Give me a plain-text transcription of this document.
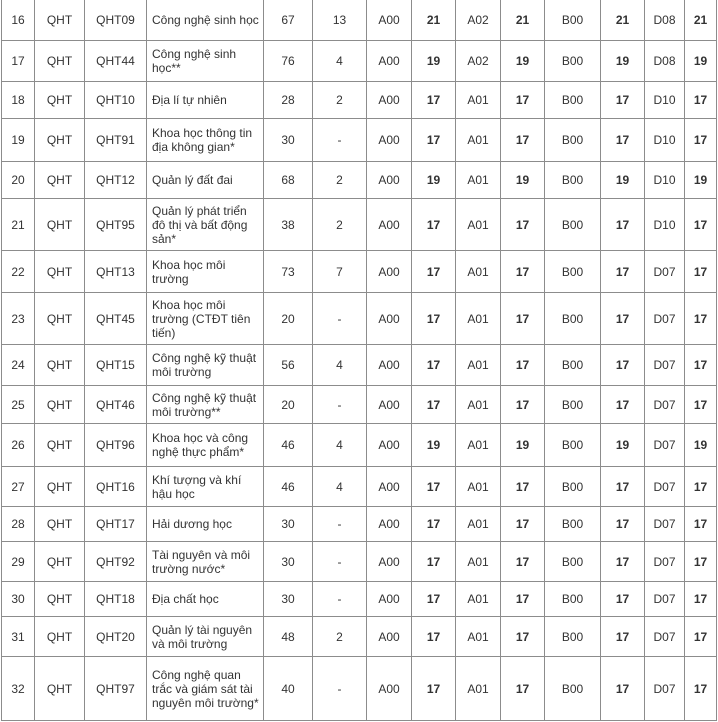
16	QHT	QHT09	Công nghệ sinh học	67	13	A00	21	A02	21	B00	21	D08	21
17	QHT	QHT44	Công nghệ sinh học**	76	4	A00	19	A02	19	B00	19	D08	19
18	QHT	QHT10	Địa lí tự nhiên	28	2	A00	17	A01	17	B00	17	D10	17
19	QHT	QHT91	Khoa học thông tin địa không gian*	30	-	A00	17	A01	17	B00	17	D10	17
20	QHT	QHT12	Quản lý đất đai	68	2	A00	19	A01	19	B00	19	D10	19
21	QHT	QHT95	Quản lý phát triển đô thị và bất động sản*	38	2	A00	17	A01	17	B00	17	D10	17
22	QHT	QHT13	Khoa học môi trường	73	7	A00	17	A01	17	B00	17	D07	17
23	QHT	QHT45	Khoa học môi trường (CTĐT tiên tiến)	20	-	A00	17	A01	17	B00	17	D07	17
24	QHT	QHT15	Công nghệ kỹ thuật môi trường	56	4	A00	17	A01	17	B00	17	D07	17
25	QHT	QHT46	Công nghệ kỹ thuật môi trường**	20	-	A00	17	A01	17	B00	17	D07	17
26	QHT	QHT96	Khoa học và công nghệ thực phẩm*	46	4	A00	19	A01	19	B00	19	D07	19
27	QHT	QHT16	Khí tượng và khí hậu học	46	4	A00	17	A01	17	B00	17	D07	17
28	QHT	QHT17	Hải dương học	30	-	A00	17	A01	17	B00	17	D07	17
29	QHT	QHT92	Tài nguyên và môi trường nước*	30	-	A00	17	A01	17	B00	17	D07	17
30	QHT	QHT18	Địa chất học	30	-	A00	17	A01	17	B00	17	D07	17
31	QHT	QHT20	Quản lý tài nguyên và môi trường	48	2	A00	17	A01	17	B00	17	D07	17
32	QHT	QHT97	Công nghệ quan trắc và giám sát tài nguyên môi trường*	40	-	A00	17	A01	17	B00	17	D07	17
